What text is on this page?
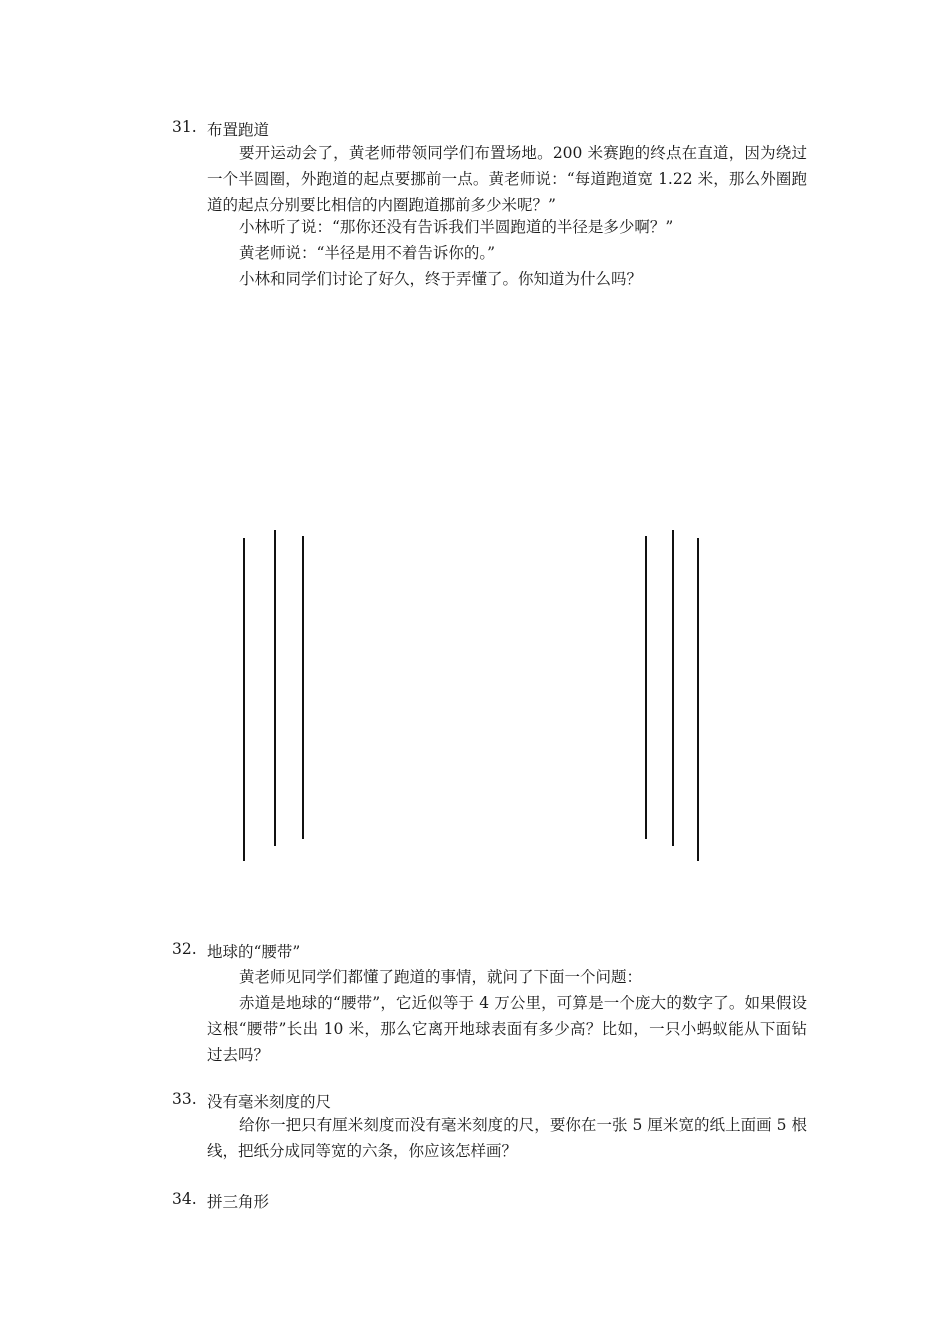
31. 布置跑道

要开运动会了，黄老师带领同学们布置场地。200 米赛跑的终点在直道，因为绕过一个半圆圈，外跑道的起点要挪前一点。黄老师说：“每道跑道宽 1.22 米，那么外圈跑道的起点分别要比相信的内圈跑道挪前多少米呢？”

小林听了说：“那你还没有告诉我们半圆跑道的半径是多少啊？”

黄老师说：“半径是用不着告诉你的。”

小林和同学们讨论了好久，终于弄懂了。你知道为什么吗？

32. 地球的“腰带”

黄老师见同学们都懂了跑道的事情，就问了下面一个问题：

赤道是地球的“腰带”，它近似等于 4 万公里，可算是一个庞大的数字了。如果假设这根“腰带”长出 10 米，那么它离开地球表面有多少高？比如，一只小蚂蚁能从下面钻过去吗？

33. 没有毫米刻度的尺

给你一把只有厘米刻度而没有毫米刻度的尺，要你在一张 5 厘米宽的纸上面画 5 根线，把纸分成同等宽的六条，你应该怎样画？

34. 拼三角形
